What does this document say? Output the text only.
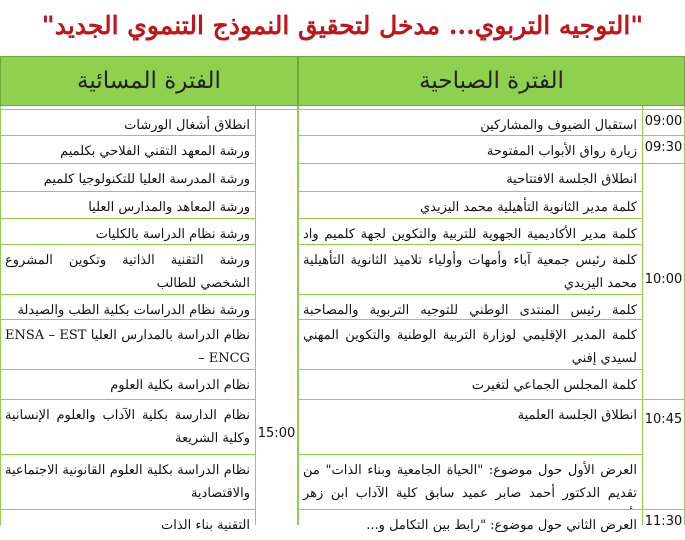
"التوجيه التربوي... مدخل لتحقيق النموذج التنموي الجديد"
الفترة المسائية	الفترة الصباحية
انطلاق أشغال الورشات
ورشة المعهد التقني الفلاحي بكلميم
ورشة المدرسة العليا للتكنولوجيا كلميم
ورشة المعاهد والمدارس العليا
ورشة نظام الدراسة بالكليات
ورشة التقنية الذاتية وتكوين المشروع الشخصي للطالب
ورشة نظام الدراسات بكلية الطب والصيدلة
نظام الدراسة بالمدارس العليا ENSA – EST – ENCG
نظام الدراسة بكلية العلوم
نظام الدارسة بكلية الآداب والعلوم الإنسانية وكلية الشريعة
نظام الدراسة بكلية العلوم القانونية الاجتماعية والاقتصادية
التقنية بناء الذات
15:00
استقبال الضيوف والمشاركين
زيارة رواق الأبواب المفتوحة
انطلاق الجلسة الافتتاحية
كلمة مدير الثانوية التأهيلية محمد اليزيدي
كلمة مدير الأكاديمية الجهوية للتربية والتكوين لجهة كلميم واد
كلمة رئيس جمعية آباء وأمهات وأولياء تلاميذ الثانوية التأهيلية محمد اليزيدي
كلمة رئيس المنتدى الوطني للتوجيه التربوية والمصاحبة
كلمة المدير الإقليمي لوزارة التربية الوطنية والتكوين المهني لسيدي إفني
كلمة المجلس الجماعي لتغيرت
انطلاق الجلسة العلمية
العرض الأول حول موضوع: "الحياة الجامعية وبناء الذات" من تقديم الدكتور أحمد صابر عميد سابق كلية الآداب ابن زهر
العرض الثاني حول موضوع: "رابط بين التكامل و...
09:00
09:30
10:00
10:45
11:30
